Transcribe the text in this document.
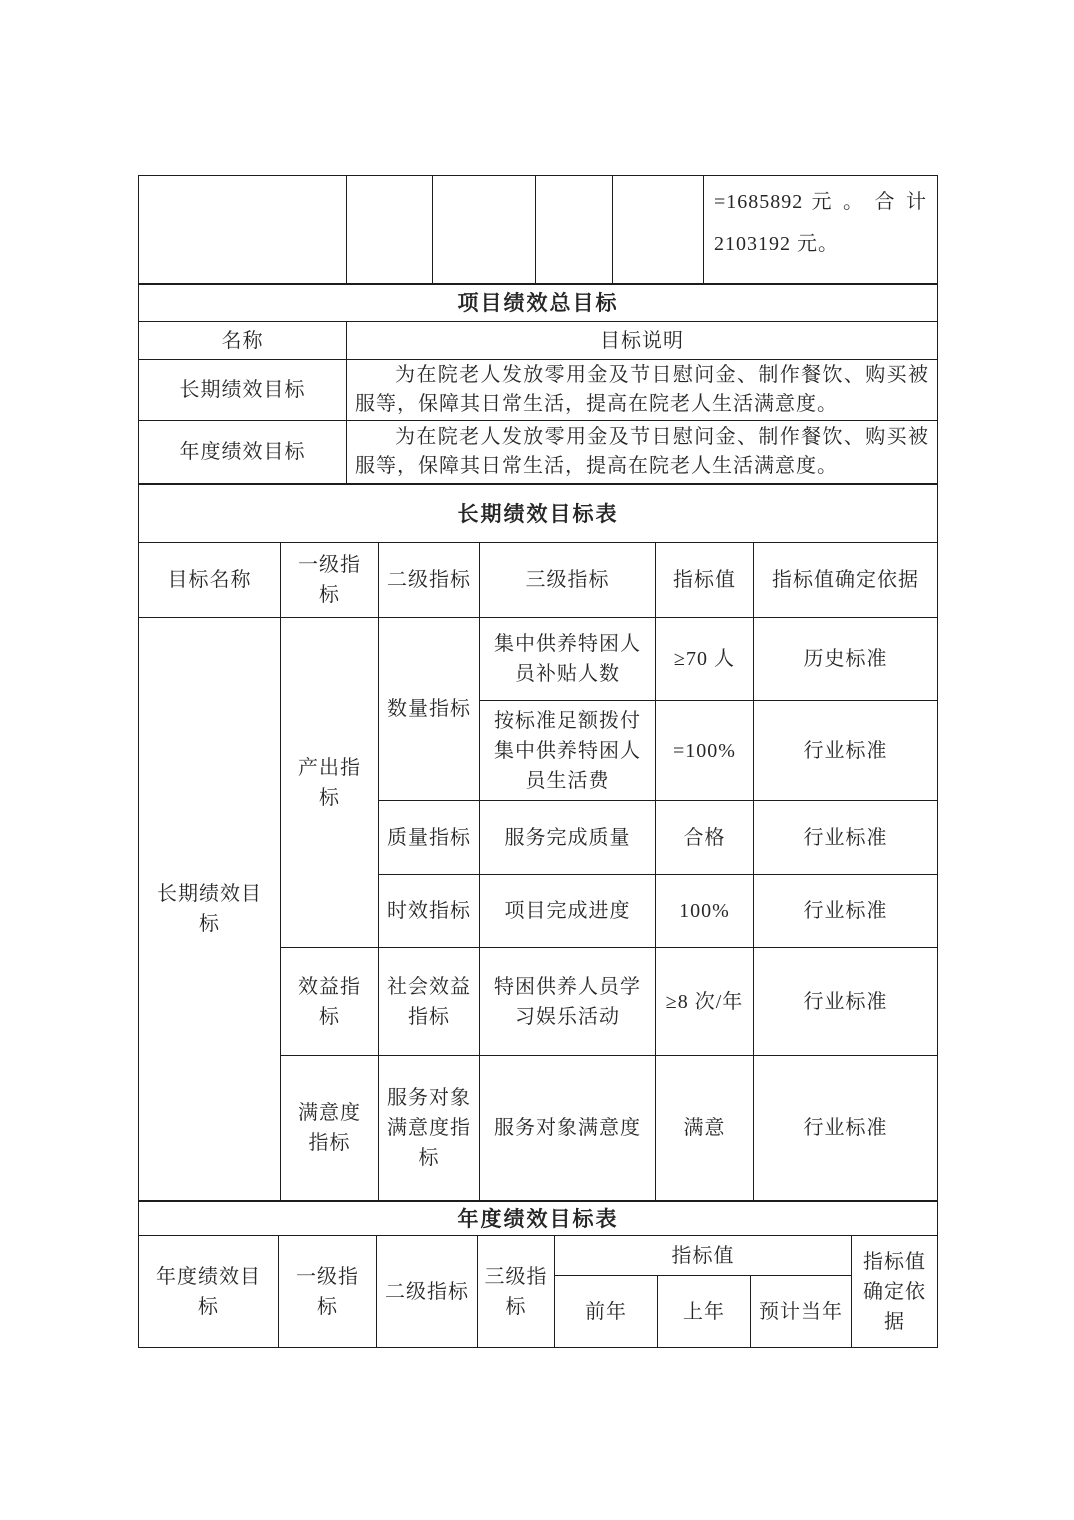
					=1685892 元 。 合 计 2103192 元。
项目绩效总目标	
名称	目标说明
长期绩效目标	为在院老人发放零用金及节日慰问金、制作餐饮、购买被服等，保障其日常生活，提高在院老人生活满意度。
年度绩效目标	为在院老人发放零用金及节日慰问金、制作餐饮、购买被服等，保障其日常生活，提高在院老人生活满意度。
长期绩效目标表					
目标名称	一级指标	二级指标	三级指标	指标值	指标值确定依据
长期绩效目标	产出指标	数量指标	集中供养特困人员补贴人数	≥70 人	历史标准
			按标准足额拨付集中供养特困人员生活费	=100%	行业标准
		质量指标	服务完成质量	合格	行业标准
		时效指标	项目完成进度	100%	行业标准
	效益指标	社会效益指标	特困供养人员学习娱乐活动	≥8 次/年	行业标准
	满意度指标	服务对象满意度指标	服务对象满意度	满意	行业标准
年度绩效目标表							
年度绩效目标	一级指标	二级指标	三级指标	指标值			指标值确定依据
				前年	上年	预计当年	
